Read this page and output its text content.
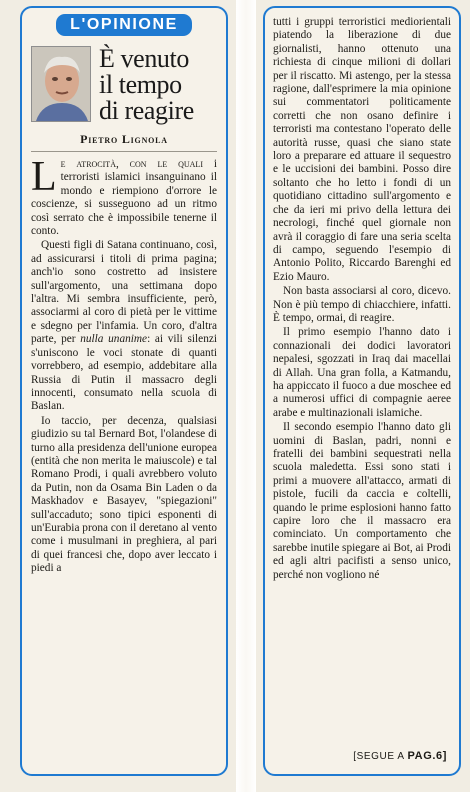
L'OPINIONE
È venuto
il tempo
di reagire
Pietro Lignola

Le atrocità, con le quali i terroristi islamici insanguinano il mondo e riempiono d'orrore le coscienze, si susseguono ad un ritmo così serrato che è impossibile tenerne il conto.

Questi figli di Satana continuano, così, ad assicurarsi i titoli di prima pagina; anch'io sono costretto ad insistere sull'argomento, una settimana dopo l'altra. Mi sembra insufficiente, però, associarmi al coro di pietà per le vittime e sdegno per l'infamia. Un coro, d'altra parte, per nulla unanime: ai vili silenzi s'uniscono le voci stonate di quanti vorrebbero, ad esempio, addebitare alla Russia di Putin il massacro degli innocenti, consumato nella scuola di Baslan.

Io taccio, per decenza, qualsiasi giudizio su tal Bernard Bot, l'olandese di turno alla presidenza dell'unione europea (entità che non merita le maiuscole) e tal Romano Prodi, i quali avrebbero voluto da Putin, non da Osama Bin Laden o da Maskhadov e Basayev, "spiegazioni" sull'accaduto; sono tipici esponenti di un'Eurabia prona con il deretano al vento come i musulmani in preghiera, al pari di quei francesi che, dopo aver leccato i piedi a

tutti i gruppi terroristici mediorientali piatendo la liberazione di due giornalisti, hanno ottenuto una richiesta di cinque milioni di dollari per il riscatto. Mi astengo, per la stessa ragione, dall'esprimere la mia opinione sui commentatori politicamente corretti che non osano definire i terroristi ma contestano l'operato delle autorità russe, quasi che siano state loro a preparare ed attuare il sequestro e le uccisioni dei bambini. Posso dire soltanto che ho letto i fondi di un quotidiano cittadino sull'argomento e che da ieri mi privo della lettura dei necrologi, finché quel giornale non avrà il coraggio di fare una seria scelta di campo, seguendo l'esempio di Antonio Polito, Riccardo Barenghi ed Ezio Mauro.

Non basta associarsi al coro, dicevo. Non è più tempo di chiacchiere, infatti. È tempo, ormai, di reagire.

Il primo esempio l'hanno dato i connazionali dei dodici lavoratori nepalesi, sgozzati in Iraq dai macellai di Allah. Una gran folla, a Katmandu, ha appiccato il fuoco a due moschee ed a numerosi uffici di compagnie aeree arabe e multinazionali islamiche.

Il secondo esempio l'hanno dato gli uomini di Baslan, padri, nonni e fratelli dei bambini sequestrati nella scuola maledetta. Essi sono stati i primi a muovere all'attacco, armati di pistole, fucili da caccia e coltelli, quando le prime esplosioni hanno fatto capire loro che il massacro era cominciato. Un comportamento che sarebbe inutile spiegare ai Bot, ai Prodi ed agli altri pacifisti a senso unico, perché non vogliono né

[SEGUE A PAG.6]
